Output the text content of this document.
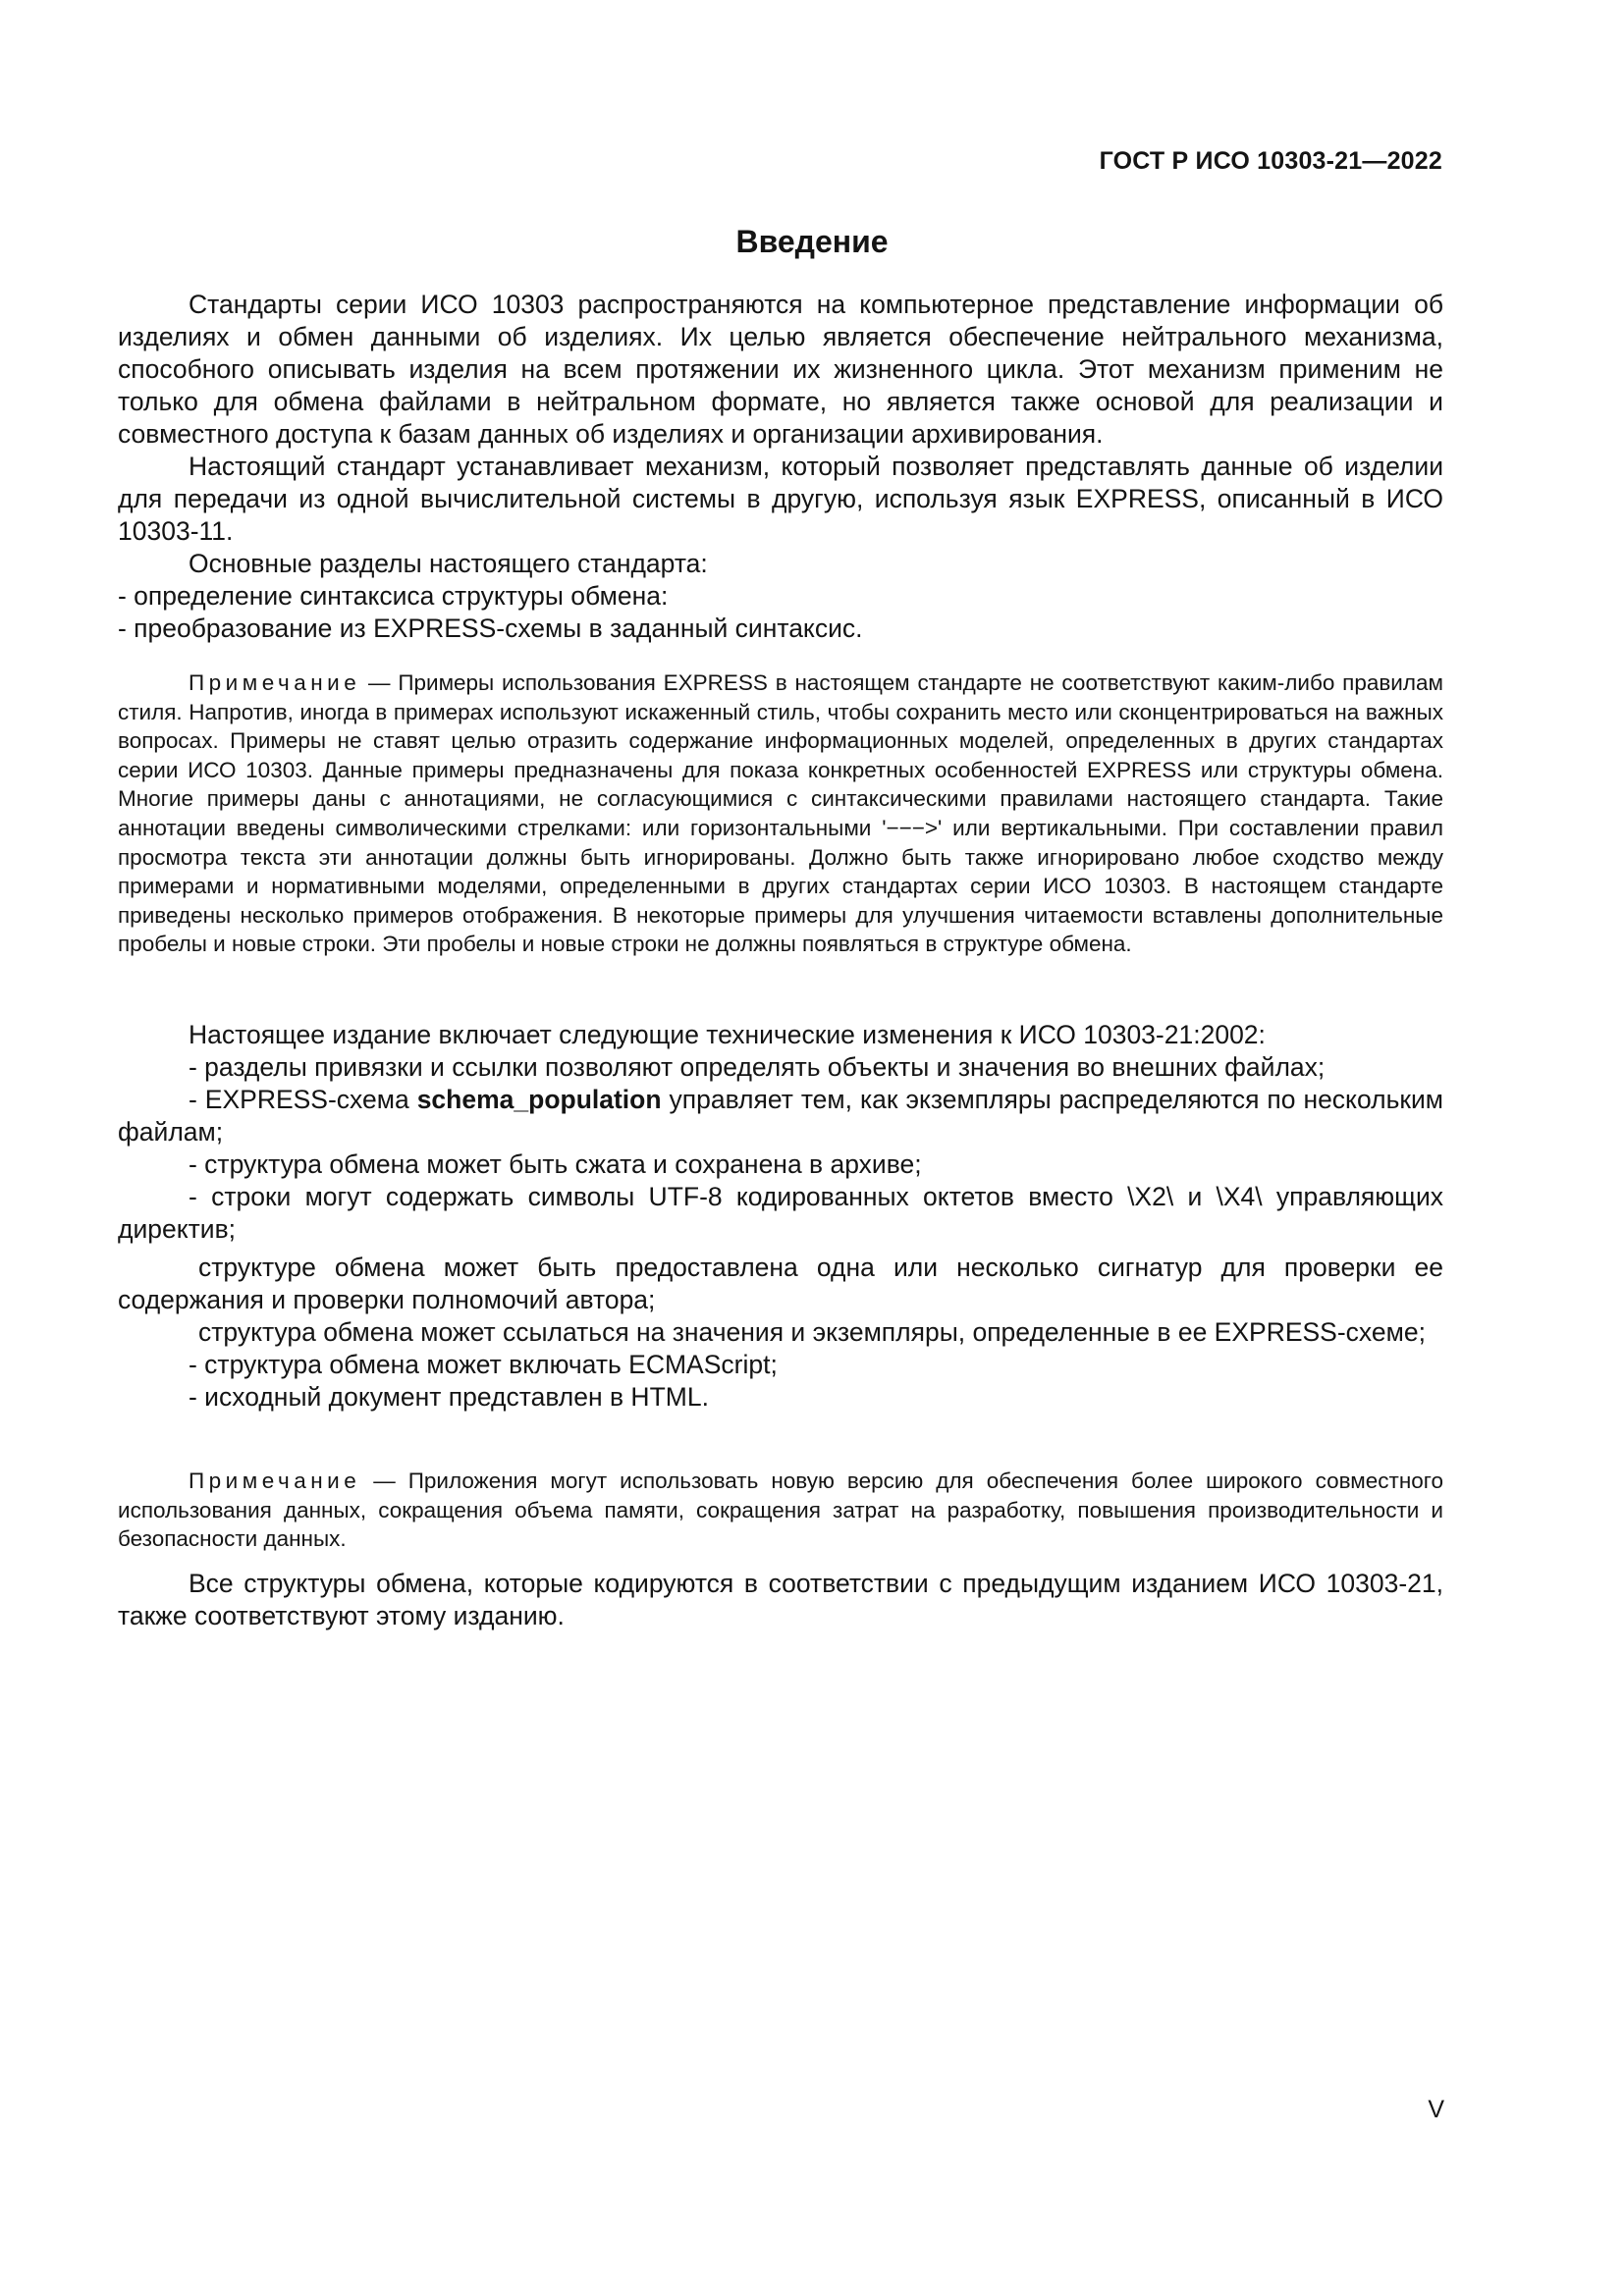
ГОСТ Р ИСО 10303-21—2022
Введение

Стандарты серии ИСО 10303 распространяются на компьютерное представление информации об изделиях и обмен данными об изделиях. Их целью является обеспечение нейтрального механизма, способного описывать изделия на всем протяжении их жизненного цикла. Этот механизм применим не только для обмена файлами в нейтральном формате, но является также основой для реализации и совместного доступа к базам данных об изделиях и организации архивирования.

Настоящий стандарт устанавливает механизм, который позволяет представлять данные об изделии для передачи из одной вычислительной системы в другую, используя язык EXPRESS, описанный в ИСО 10303-11.

Основные разделы настоящего стандарта:

- определение синтаксиса структуры обмена:

- преобразование из EXPRESS-схемы в заданный синтаксис.

Примечание — Примеры использования EXPRESS в настоящем стандарте не соответствуют каким-либо правилам стиля. Напротив, иногда в примерах используют искаженный стиль, чтобы сохранить место или сконцентрироваться на важных вопросах. Примеры не ставят целью отразить содержание информационных моделей, определенных в других стандартах серии ИСО 10303. Данные примеры предназначены для показа конкретных особенностей EXPRESS или структуры обмена. Многие примеры даны с аннотациями, не согласующимися с синтаксическими правилами настоящего стандарта. Такие аннотации введены символическими стрелками: или горизонтальными '−−−>' или вертикальными. При составлении правил просмотра текста эти аннотации должны быть игнорированы. Должно быть также игнорировано любое сходство между примерами и нормативными моделями, определенными в других стандартах серии ИСО 10303. В настоящем стандарте приведены несколько примеров отображения. В некоторые примеры для улучшения читаемости вставлены дополнительные пробелы и новые строки. Эти пробелы и новые строки не должны появляться в структуре обмена.

Настоящее издание включает следующие технические изменения к ИСО 10303-21:2002:

- разделы привязки и ссылки позволяют определять объекты и значения во внешних файлах;

- EXPRESS-схема schema_population управляет тем, как экземпляры распределяются по нескольким файлам;

- структура обмена может быть сжата и сохранена в архиве;

- строки могут содержать символы UTF-8 кодированных октетов вместо \X2\ и \X4\ управляющих директив;

структуре обмена может быть предоставлена одна или несколько сигнатур для проверки ее содержания и проверки полномочий автора;

структура обмена может ссылаться на значения и экземпляры, определенные в ее EXPRESS-схеме;

- структура обмена может включать ECMAScript;

- исходный документ представлен в HTML.

Примечание — Приложения могут использовать новую версию для обеспечения более широкого совместного использования данных, сокращения объема памяти, сокращения затрат на разработку, повышения производительности и безопасности данных.

Все структуры обмена, которые кодируются в соответствии с предыдущим изданием ИСО 10303-21, также соответствуют этому изданию.

V
